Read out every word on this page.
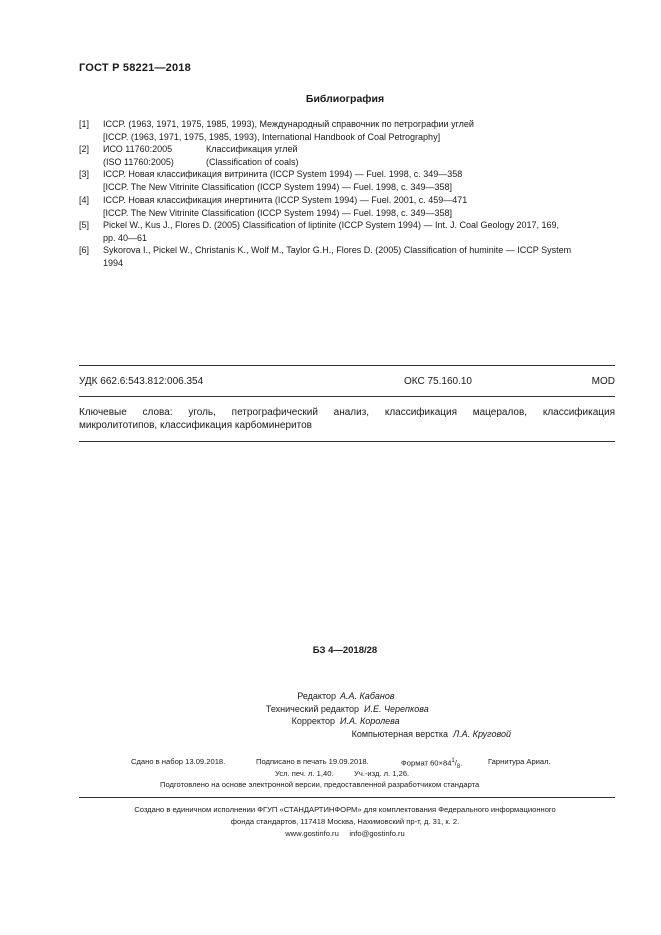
ГОСТ Р 58221—2018
Библиография
[1] ICCP. (1963, 1971, 1975, 1985, 1993), Международный справочник по петрографии углей
[ICCP. (1963, 1971, 1975, 1985, 1993), International Handbook of Coal Petrography]
[2] ИСО 11760:2005	Классификация углей
(ISO 11760:2005)	(Classification of coals)
[3] ICCP. Новая классификация витринита (ICCP System 1994) — Fuel. 1998, с. 349—358
[ICCP. The New Vitrinite Classification (ICCP System 1994) — Fuel. 1998, с. 349—358]
[4] ICCP. Новая классификация инертинита (ICCP System 1994) — Fuel. 2001, с. 459—471
[ICCP. The New Vitrinite Classification (ICCP System 1994) — Fuel. 1998, с. 349—358]
[5] Pickel W., Kus J., Flores D. (2005) Classification of liptinite (ICCP System 1994) — Int. J. Coal Geology 2017, 169,
pp. 40—61
[6] Sykorova I., Pickel W., Christanis K., Wolf M., Taylor G.H., Flores D. (2005) Classification of huminite — ICCP System
1994
УДК 662.6:543.812:006.354	ОКС 75.160.10	MOD

Ключевые слова: уголь, петрографический анализ, классификация мацералов, классификация

микролитотипов, классификация карбоминеритов

БЗ 4—2018/28
Редактор А.А. Кабанов
Технический редактор И.Е. Черепкова
Корректор И.А. Королева
Компьютерная верстка Л.А. Круговой
Сдано в набор 13.09.2018.	Подписано в печать 19.09.2018.	Формат $60\times 84^1/_8$.	Гарнитура Ариал.
Усл. печ. л. 1,40.	Уч.-изд. л. 1,26.
Подготовлено на основе электронной версии, предоставленной разработчиком стандарта
Создано в единичном исполнении ФГУП «СТАНДАРТИНФОРМ» для комплектования Федерального информационного
фонда стандартов, 117418 Москва, Нахимовский пр-т, д. 31, к. 2.
www.gostinfo.ru info@gostinfo.ru
